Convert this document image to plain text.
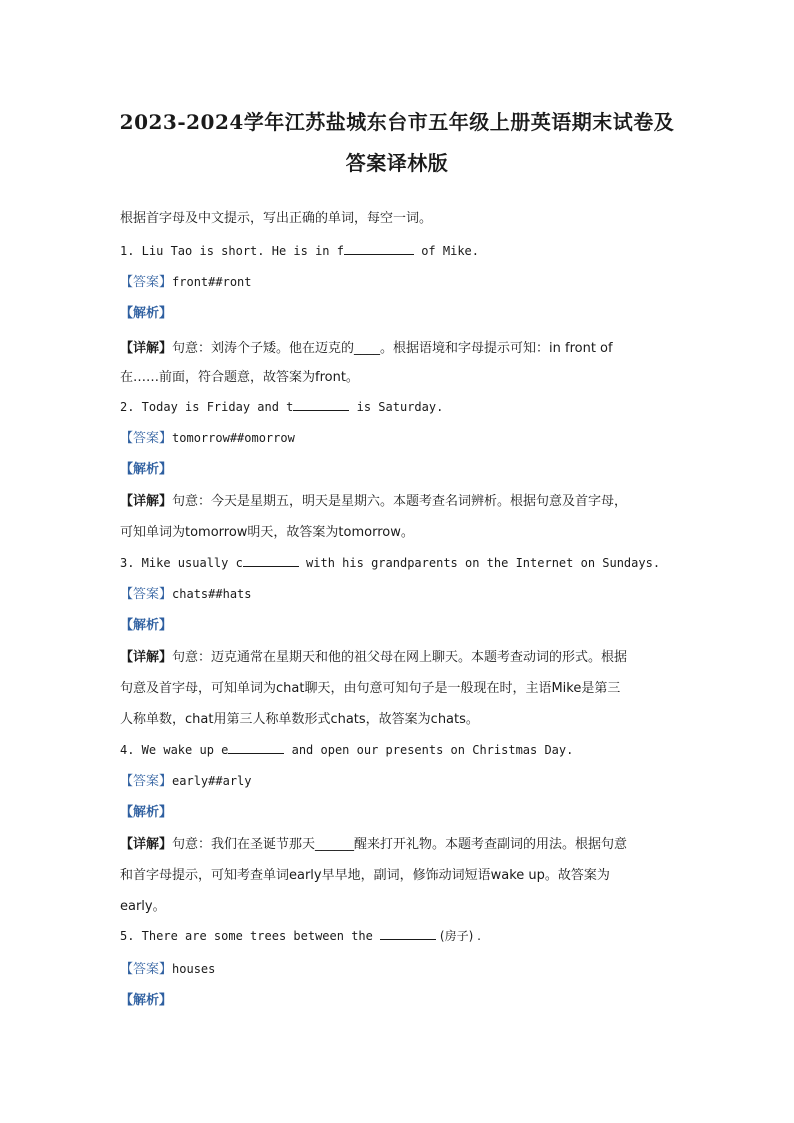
2023-2024学年江苏盐城东台市五年级上册英语期末试卷及
答案译林版
根据首字母及中文提示，写出正确的单词，每空一词。
1. Liu Tao is short. He is in f	of Mike.
【答案】front##ront
【解析】
【详解】句意：刘涛个子矮。他在迈克的____。根据语境和字母提示可知：in front of
在……前面，符合题意，故答案为front。
2. Today is Friday and t	is Saturday.
【答案】tomorrow##omorrow
【解析】
【详解】句意：今天是星期五，明天是星期六。本题考查名词辨析。根据句意及首字母，
可知单词为tomorrow明天，故答案为tomorrow。
3. Mike usually c	with his grandparents on the Internet on Sundays.
【答案】chats##hats
【解析】
【详解】句意：迈克通常在星期天和他的祖父母在网上聊天。本题考查动词的形式。根据
句意及首字母，可知单词为chat聊天，由句意可知句子是一般现在时，主语Mike是第三
人称单数，chat用第三人称单数形式chats，故答案为chats。
4. We wake up e	and open our presents on Christmas Day.
【答案】early##arly
【解析】
【详解】句意：我们在圣诞节那天______醒来打开礼物。本题考查副词的用法。根据句意
和首字母提示，可知考查单词early早早地，副词，修饰动词短语wake up。故答案为
early。
5. There are some trees between the	(房子) .
【答案】houses
【解析】
